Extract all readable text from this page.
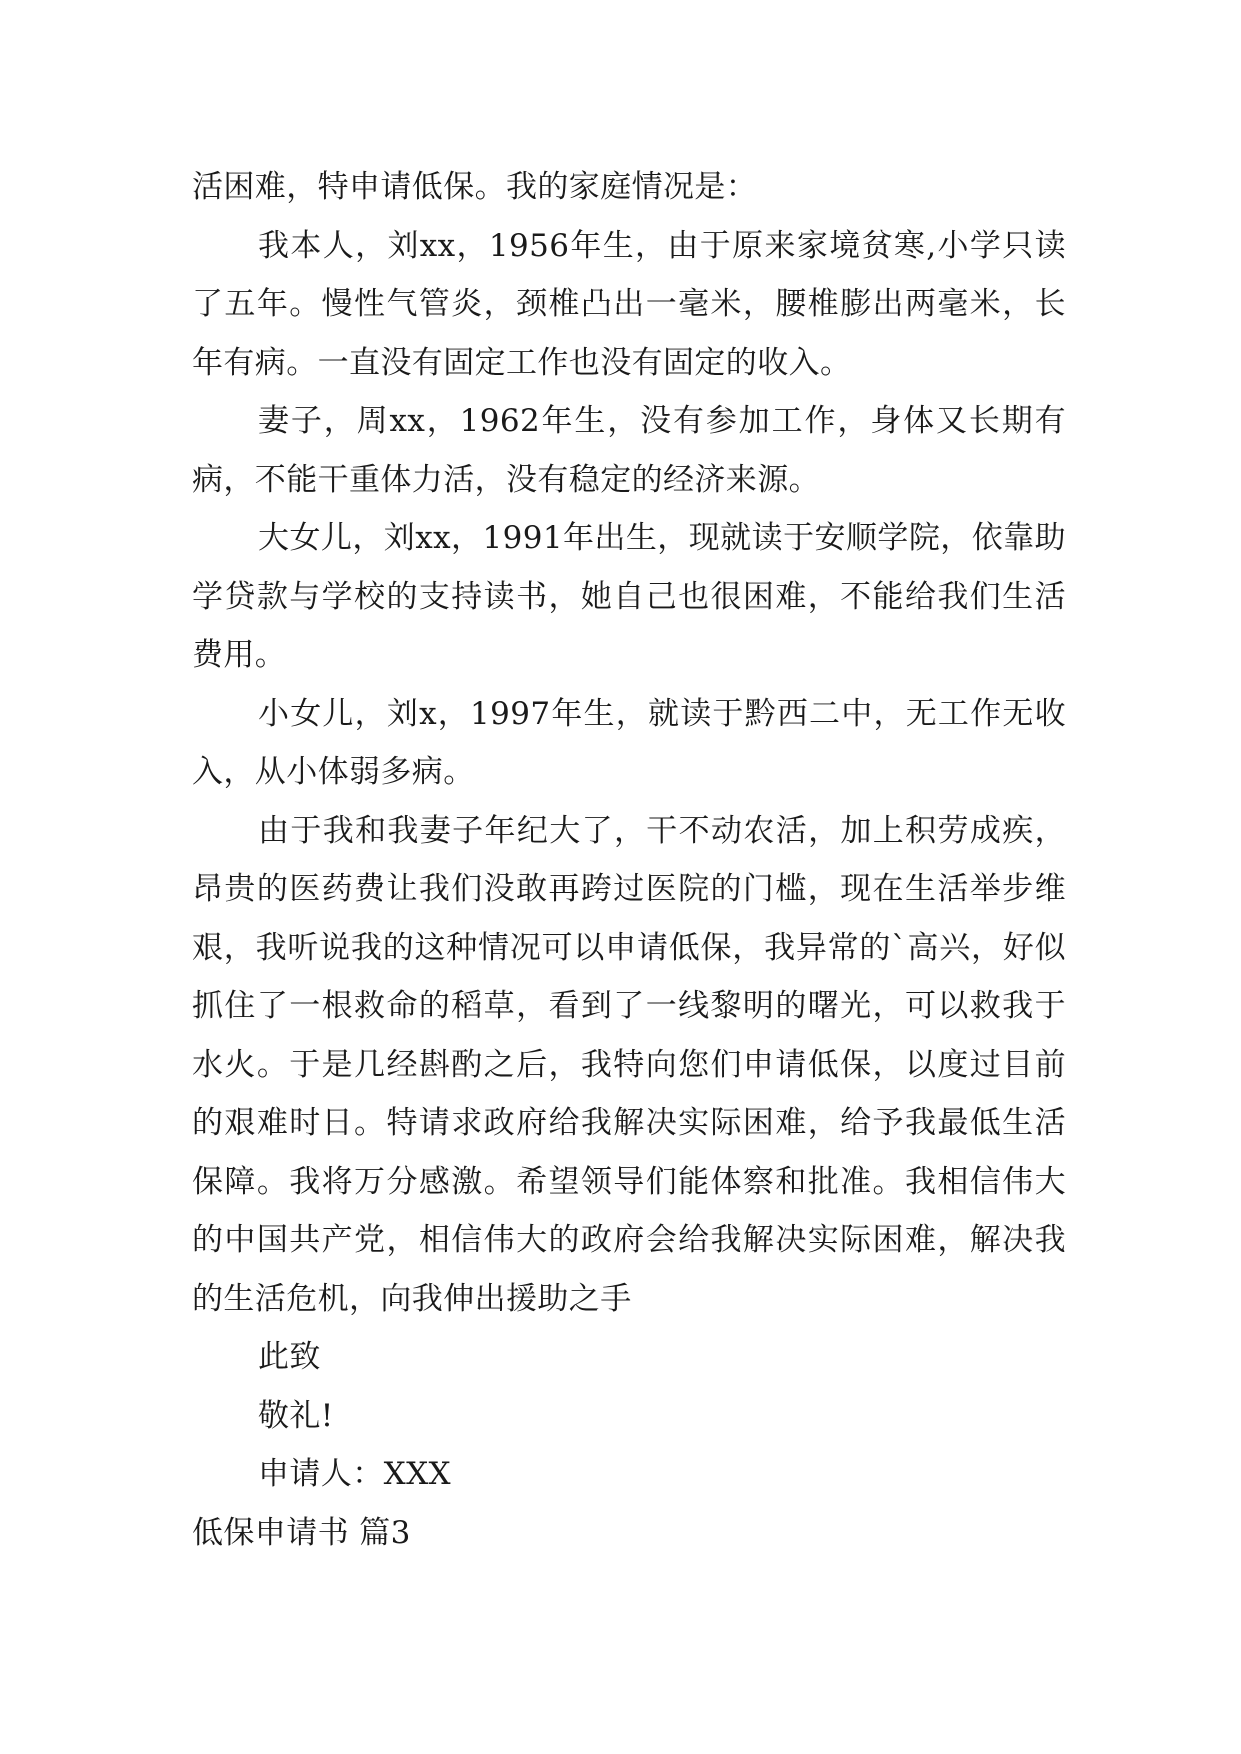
活困难，特申请低保。我的家庭情况是：

我本人，刘xx，1956年生，由于原来家境贫寒,小学只读了五年。慢性气管炎，颈椎凸出一毫米，腰椎膨出两毫米，长年有病。一直没有固定工作也没有固定的收入。

妻子，周xx，1962年生，没有参加工作，身体又长期有病，不能干重体力活，没有稳定的经济来源。

大女儿，刘xx，1991年出生，现就读于安顺学院，依靠助学贷款与学校的支持读书，她自己也很困难，不能给我们生活费用。

小女儿，刘x，1997年生，就读于黔西二中，无工作无收入，从小体弱多病。

由于我和我妻子年纪大了，干不动农活，加上积劳成疾，昂贵的医药费让我们没敢再跨过医院的门槛，现在生活举步维艰，我听说我的这种情况可以申请低保，我异常的`高兴，好似抓住了一根救命的稻草，看到了一线黎明的曙光，可以救我于水火。于是几经斟酌之后，我特向您们申请低保，以度过目前的艰难时日。特请求政府给我解决实际困难，给予我最低生活保障。我将万分感激。希望领导们能体察和批准。我相信伟大的中国共产党，相信伟大的政府会给我解决实际困难，解决我的生活危机，向我伸出援助之手

此致

敬礼!

申请人：XXX

低保申请书 篇3
